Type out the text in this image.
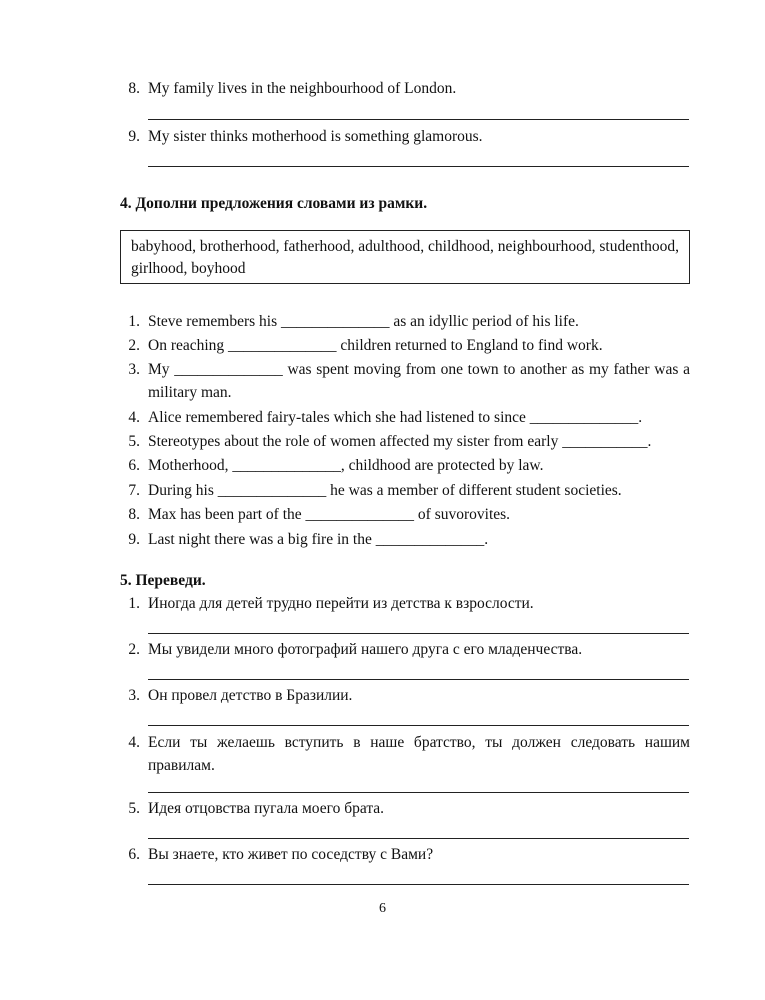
8. My family lives in the neighbourhood of London.
9. My sister thinks motherhood is something glamorous.
4. Дополни предложения словами из рамки.
babyhood, brotherhood, fatherhood, adulthood, childhood, neighbourhood, studenthood, girlhood, boyhood
1. Steve remembers his ______________ as an idyllic period of his life.
2. On reaching ______________ children returned to England to find work.
3. My ______________ was spent moving from one town to another as my father was a military man.
4. Alice remembered fairy-tales which she had listened to since ______________.
5. Stereotypes about the role of women affected my sister from early ___________.
6. Motherhood, ______________, childhood are protected by law.
7. During his ______________ he was a member of different student societies.
8. Max has been part of the ______________ of suvorovites.
9. Last night there was a big fire in the ______________.
5. Переведи.
1. Иногда для детей трудно перейти из детства к взрослости.
2. Мы увидели много фотографий нашего друга с его младенчества.
3. Он провел детство в Бразилии.
4. Если ты желаешь вступить в наше братство, ты должен следовать нашим правилам.
5. Идея отцовства пугала моего брата.
6. Вы знаете, кто живет по соседству с Вами?
6
